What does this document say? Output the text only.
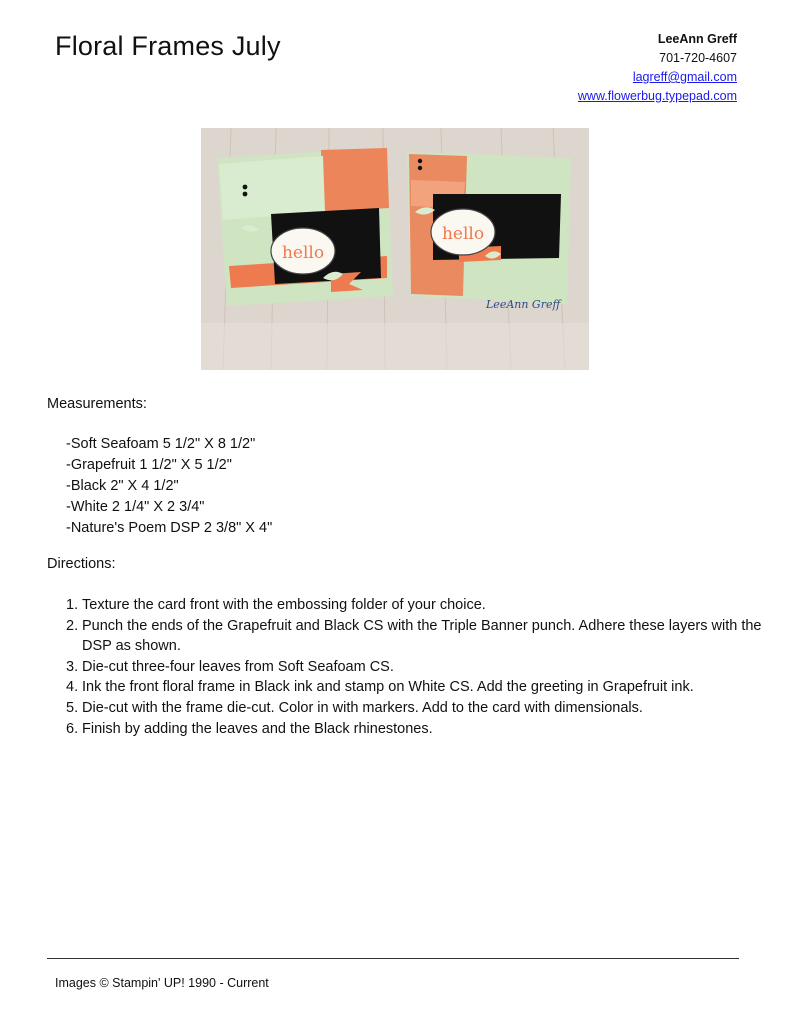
Floral Frames July	LeeAnn Greff
701-720-4607
lagreff@gmail.com
www.flowerbug.typepad.com
hello
hello
LeeAnn Greff
Measurements:
-Soft Seafoam 5 1/2" X 8 1/2"
-Grapefruit 1 1/2" X 5 1/2"
-Black 2" X 4 1/2"
-White 2 1/4" X 2 3/4"
-Nature's Poem DSP 2 3/8" X 4"
Directions:
1. Texture the card front with the embossing folder of your choice.
2. Punch the ends of the Grapefruit and Black CS with the Triple Banner punch. Adhere these layers with the DSP as shown.
3. Die-cut three-four leaves from Soft Seafoam CS.
4. Ink the front floral frame in Black ink and stamp on White CS. Add the greeting in Grapefruit ink.
5. Die-cut with the frame die-cut. Color in with markers. Add to the card with dimensionals.
6. Finish by adding the leaves and the Black rhinestones.
Images © Stampin' UP! 1990 - Current
